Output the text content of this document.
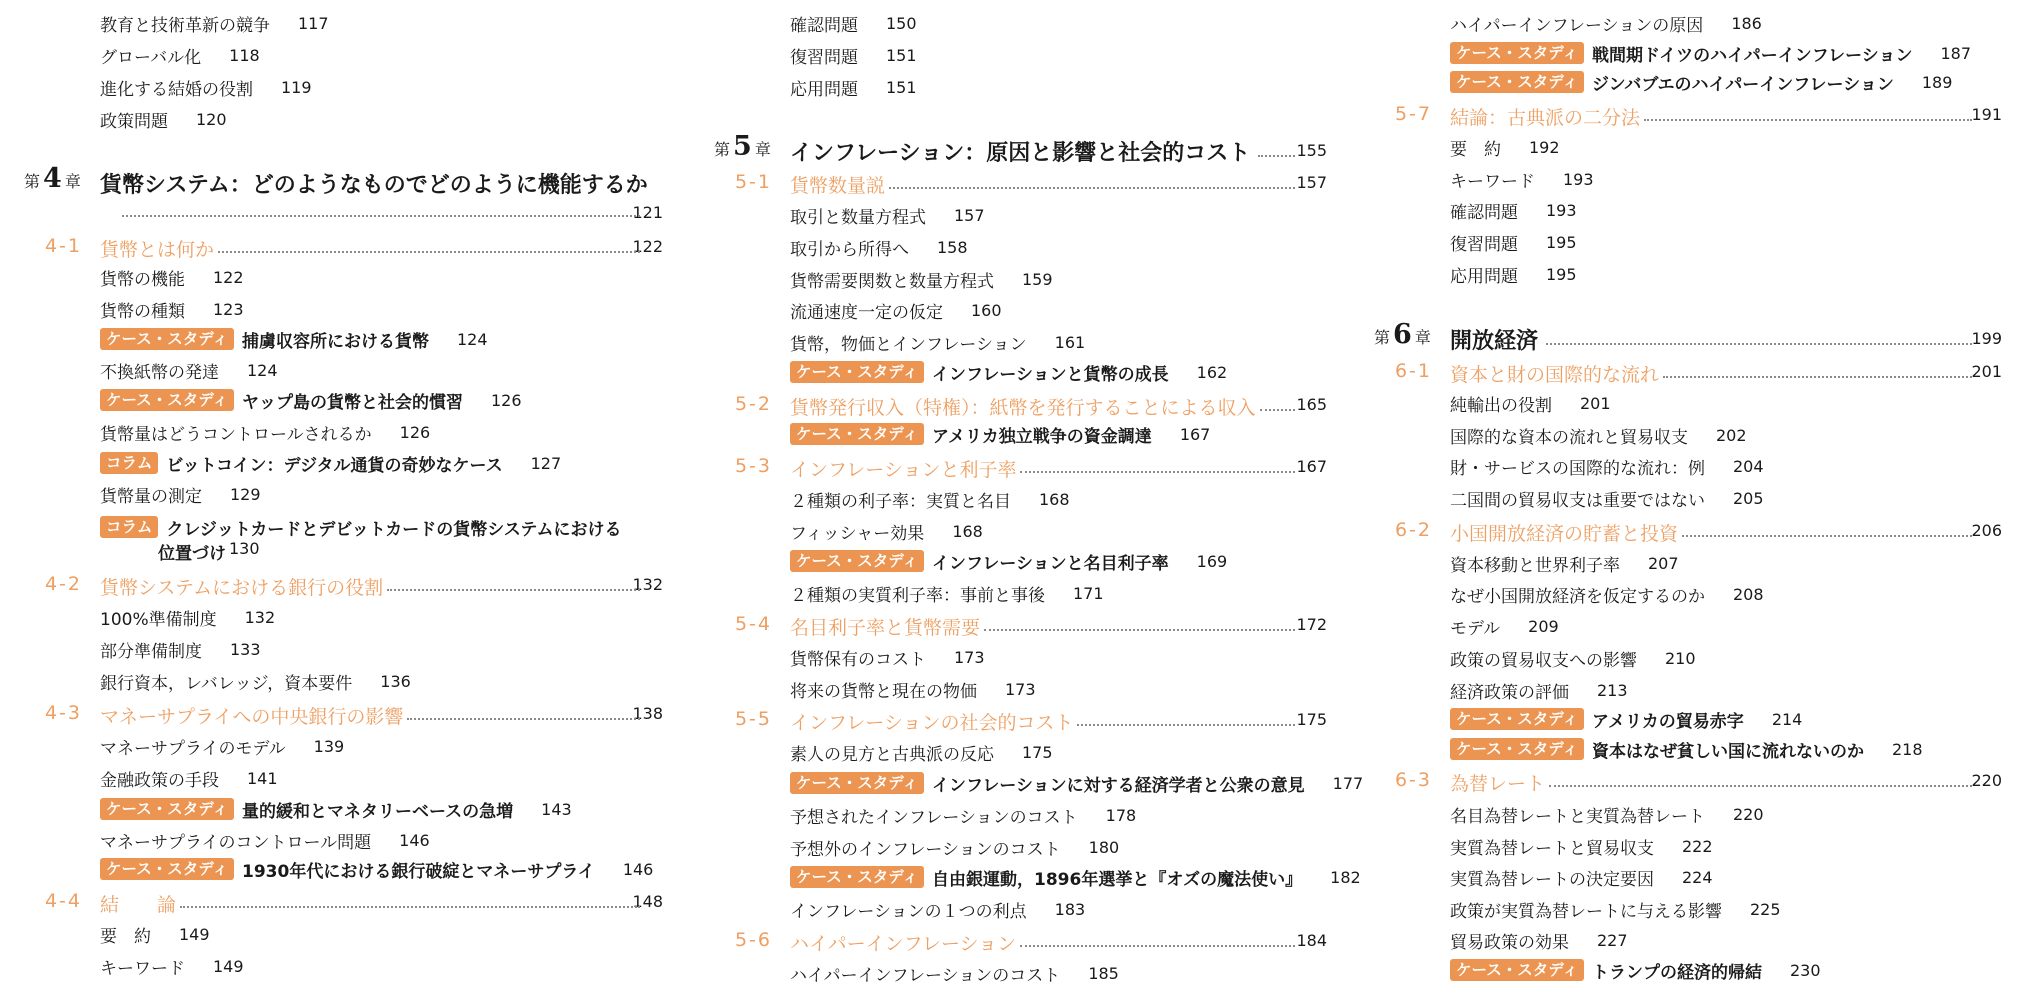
教育と技術革新の競争 117
グローバル化 118
進化する結婚の役割 119
政策問題 120
第 4 章 貨幣システム：どのようなものでどのように機能するか
121
4-1 貨幣とは何か	122
貨幣の機能 122
貨幣の種類 123
ケース・スタディ 捕虜収容所における貨幣 124
不換紙幣の発達 124
ケース・スタディ ヤップ島の貨幣と社会的慣習 126
貨幣量はどうコントロールされるか 126
コラム ビットコイン：デジタル通貨の奇妙なケース 127
貨幣量の測定 129
コラム クレジットカードとデビットカードの貨幣システムにおける
位置づけ 130
4-2 貨幣システムにおける銀行の役割	132
100%準備制度 132
部分準備制度 133
銀行資本，レバレッジ，資本要件 136
4-3 マネーサプライへの中央銀行の影響	138
マネーサプライのモデル 139
金融政策の手段 141
ケース・スタディ 量的緩和とマネタリーベースの急増 143
マネーサプライのコントロール問題 146
ケース・スタディ 1930年代における銀行破綻とマネーサプライ 146
4-4 結　　論	148
要　約 149
キーワード 149
確認問題 150
復習問題 151
応用問題 151
第 5 章 インフレーション：原因と影響と社会的コスト	155
5-1 貨幣数量説	157
取引と数量方程式 157
取引から所得へ 158
貨幣需要関数と数量方程式 159
流通速度一定の仮定 160
貨幣，物価とインフレーション 161
ケース・スタディ インフレーションと貨幣の成長 162
5-2 貨幣発行収入（特権）：紙幣を発行することによる収入	165
ケース・スタディ アメリカ独立戦争の資金調達 167
5-3 インフレーションと利子率	167
２種類の利子率：実質と名目 168
フィッシャー効果 168
ケース・スタディ インフレーションと名目利子率 169
２種類の実質利子率：事前と事後 171
5-4 名目利子率と貨幣需要	172
貨幣保有のコスト 173
将来の貨幣と現在の物価 173
5-5 インフレーションの社会的コスト	175
素人の見方と古典派の反応 175
ケース・スタディ インフレーションに対する経済学者と公衆の意見 177
予想されたインフレーションのコスト 178
予想外のインフレーションのコスト 180
ケース・スタディ 自由銀運動，1896年選挙と『オズの魔法使い』 182
インフレーションの１つの利点 183
5-6 ハイパーインフレーション	184
ハイパーインフレーションのコスト 185
ハイパーインフレーションの原因 186
ケース・スタディ 戦間期ドイツのハイパーインフレーション 187
ケース・スタディ ジンバブエのハイパーインフレーション 189
5-7 結論：古典派の二分法	191
要　約 192
キーワード 193
確認問題 193
復習問題 195
応用問題 195
第 6 章 開放経済	199
6-1 資本と財の国際的な流れ	201
純輸出の役割 201
国際的な資本の流れと貿易収支 202
財・サービスの国際的な流れ：例 204
二国間の貿易収支は重要ではない 205
6-2 小国開放経済の貯蓄と投資	206
資本移動と世界利子率 207
なぜ小国開放経済を仮定するのか 208
モデル 209
政策の貿易収支への影響 210
経済政策の評価 213
ケース・スタディ アメリカの貿易赤字 214
ケース・スタディ 資本はなぜ貧しい国に流れないのか 218
6-3 為替レート	220
名目為替レートと実質為替レート 220
実質為替レートと貿易収支 222
実質為替レートの決定要因 224
政策が実質為替レートに与える影響 225
貿易政策の効果 227
ケース・スタディ トランプの経済的帰結 230
